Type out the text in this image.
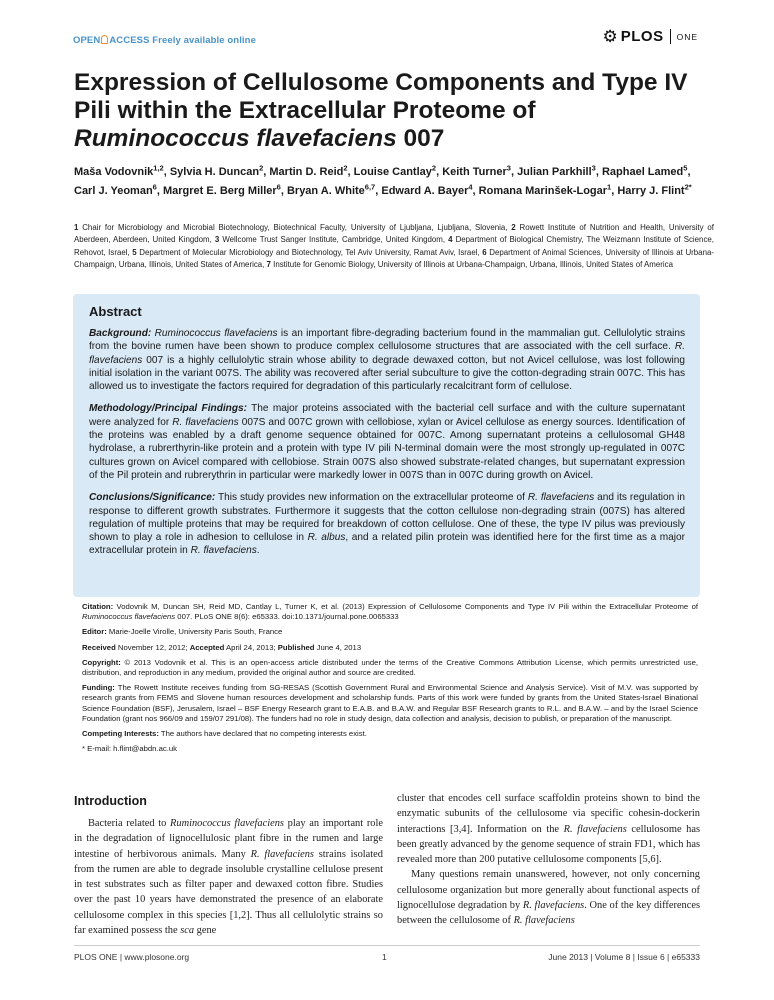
OPEN ACCESS Freely available online	⚙ PLOS ONE
Expression of Cellulosome Components and Type IV Pili within the Extracellular Proteome of Ruminococcus flavefaciens 007
Maša Vodovnik$^{1,2}$, Sylvia H. Duncan$^2$, Martin D. Reid$^2$, Louise Cantlay$^2$, Keith Turner$^3$, Julian Parkhill$^3$, Raphael Lamed$^5$, Carl J. Yeoman$^6$, Margret E. Berg Miller$^6$, Bryan A. White$^{6,7}$, Edward A. Bayer$^4$, Romana Marinšek-Logar$^1$, Harry J. Flint$^{2*}$
1 Chair for Microbiology and Microbial Biotechnology, Biotechnical Faculty, University of Ljubljana, Ljubljana, Slovenia, 2 Rowett Institute of Nutrition and Health, University of Aberdeen, Aberdeen, United Kingdom, 3 Wellcome Trust Sanger Institute, Cambridge, United Kingdom, 4 Department of Biological Chemistry, The Weizmann Institute of Science, Rehovot, Israel, 5 Department of Molecular Microbiology and Biotechnology, Tel Aviv University, Ramat Aviv, Israel, 6 Department of Animal Sciences, University of Illinois at Urbana-Champaign, Urbana, Illinois, United States of America, 7 Institute for Genomic Biology, University of Illinois at Urbana-Champaign, Urbana, Illinois, United States of America
Abstract

Background: Ruminococcus flavefaciens is an important fibre-degrading bacterium found in the mammalian gut. Cellulolytic strains from the bovine rumen have been shown to produce complex cellulosome structures that are associated with the cell surface. R. flavefaciens 007 is a highly cellulolytic strain whose ability to degrade dewaxed cotton, but not Avicel cellulose, was lost following initial isolation in the variant 007S. The ability was recovered after serial subculture to give the cotton-degrading strain 007C. This has allowed us to investigate the factors required for degradation of this particularly recalcitrant form of cellulose.

Methodology/Principal Findings: The major proteins associated with the bacterial cell surface and with the culture supernatant were analyzed for R. flavefaciens 007S and 007C grown with cellobiose, xylan or Avicel cellulose as energy sources. Identification of the proteins was enabled by a draft genome sequence obtained for 007C. Among supernatant proteins a cellulosomal GH48 hydrolase, a rubrerthyrin-like protein and a protein with type IV pili N-terminal domain were the most strongly up-regulated in 007C cultures grown on Avicel compared with cellobiose. Strain 007S also showed substrate-related changes, but supernatant expression of the Pil protein and rubrerythrin in particular were markedly lower in 007S than in 007C during growth on Avicel.

Conclusions/Significance: This study provides new information on the extracellular proteome of R. flavefaciens and its regulation in response to different growth substrates. Furthermore it suggests that the cotton cellulose non-degrading strain (007S) has altered regulation of multiple proteins that may be required for breakdown of cotton cellulose. One of these, the type IV pilus was previously shown to play a role in adhesion to cellulose in R. albus, and a related pilin protein was identified here for the first time as a major extracellular protein in R. flavefaciens.

Citation: Vodovnik M, Duncan SH, Reid MD, Cantlay L, Turner K, et al. (2013) Expression of Cellulosome Components and Type IV Pili within the Extracellular Proteome of Ruminococcus flavefaciens 007. PLoS ONE 8(6): e65333. doi:10.1371/journal.pone.0065333

Editor: Marie-Joelle Virolle, University Paris South, France

Received November 12, 2012; Accepted April 24, 2013; Published June 4, 2013

Copyright: © 2013 Vodovnik et al. This is an open-access article distributed under the terms of the Creative Commons Attribution License, which permits unrestricted use, distribution, and reproduction in any medium, provided the original author and source are credited.

Funding: The Rowett Institute receives funding from SG-RESAS (Scottish Government Rural and Environmental Science and Analysis Service). Visit of M.V. was supported by research grants from FEMS and Slovene human resources development and scholarship funds. Parts of this work were funded by grants from the United States-Israel Binational Science Foundation (BSF), Jerusalem, Israel – BSF Energy Research grant to E.A.B. and B.A.W. and Regular BSF Research grants to R.L. and B.A.W. – and by the Israel Science Foundation (grant nos 966/09 and 159/07 291/08). The funders had no role in study design, data collection and analysis, decision to publish, or preparation of the manuscript.

Competing Interests: The authors have declared that no competing interests exist.

* E-mail: h.flint@abdn.ac.uk

Introduction

Bacteria related to Ruminococcus flavefaciens play an important role in the degradation of lignocellulosic plant fibre in the rumen and large intestine of herbivorous animals. Many R. flavefaciens strains isolated from the rumen are able to degrade insoluble crystalline cellulose present in test substrates such as filter paper and dewaxed cotton fibre. Studies over the past 10 years have demonstrated the presence of an elaborate cellulosome complex in this species [1,2]. Thus all cellulolytic strains so far examined possess the sca gene

cluster that encodes cell surface scaffoldin proteins shown to bind the enzymatic subunits of the cellulosome via specific cohesin-dockerin interactions [3,4]. Information on the R. flavefaciens cellulosome has been greatly advanced by the genome sequence of strain FD1, which has revealed more than 200 putative cellulosome components [5,6].

Many questions remain unanswered, however, not only concerning cellulosome organization but more generally about functional aspects of lignocellulose degradation by R. flavefaciens. One of the key differences between the cellulosome of R. flavefaciens

PLOS ONE | www.plosone.org	1	June 2013 | Volume 8 | Issue 6 | e65333
